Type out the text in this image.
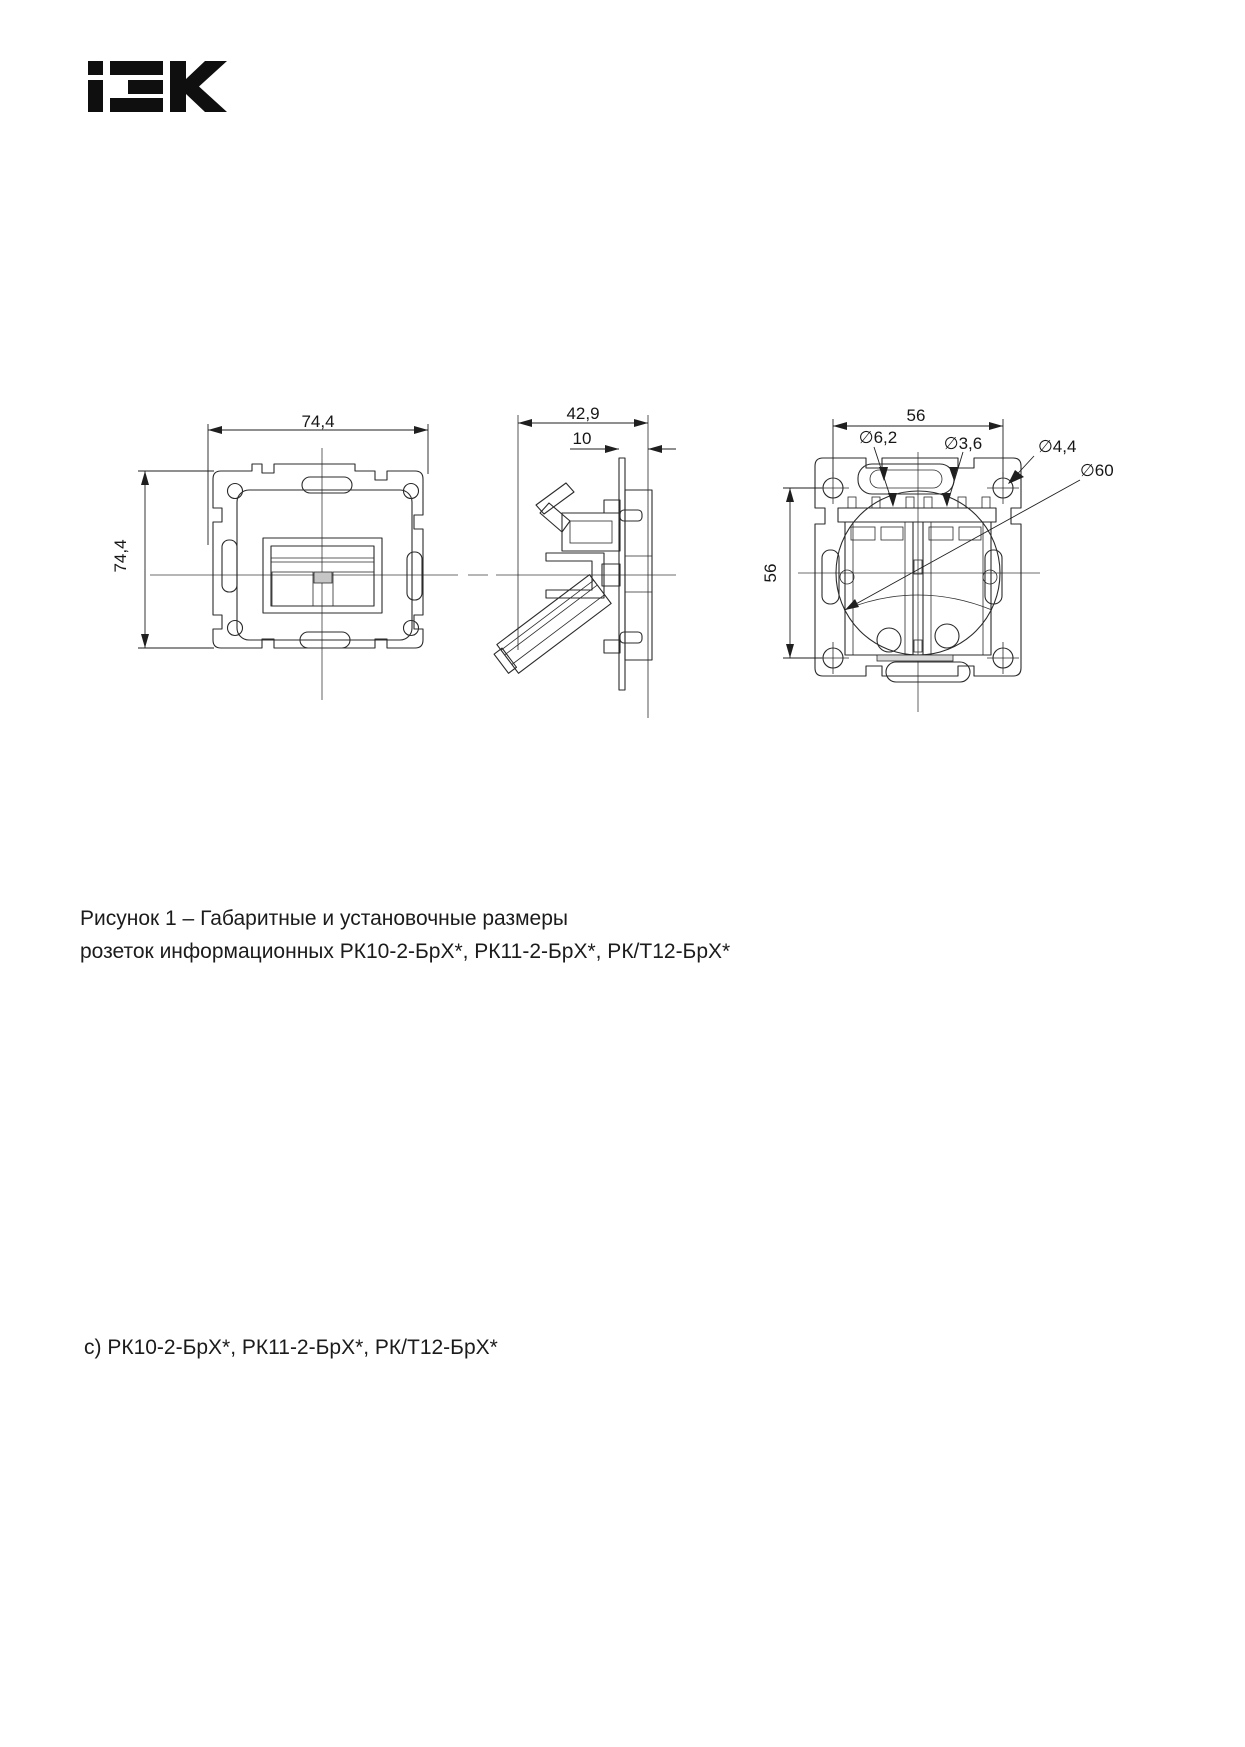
74,4
74,4
42,9
10
56
56
∅6,2	∅3,6	∅4,4
∅60
Рисунок 1 – Габаритные и установочные размеры
розеток информационных РК10-2-БрХ*, РК11-2-БрХ*, РК/Т12-БрХ*
с) РК10-2-БрХ*, РК11-2-БрХ*, РК/Т12-БрХ*
